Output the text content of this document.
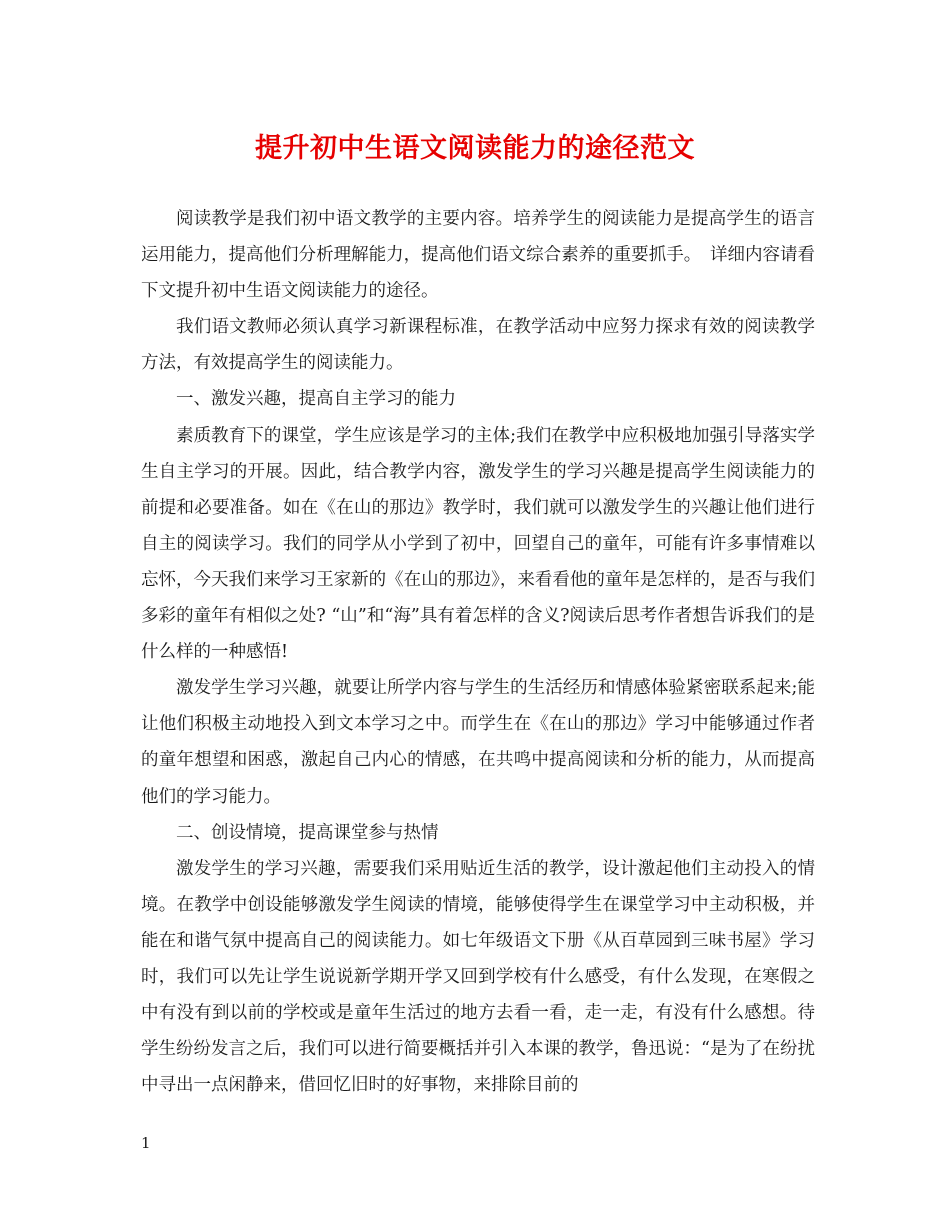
提升初中生语文阅读能力的途径范文

阅读教学是我们初中语文教学的主要内容。培养学生的阅读能力是提高学生的语言运用能力，提高他们分析理解能力，提高他们语文综合素养的重要抓手。　详细内容请看下文提升初中生语文阅读能力的途径。

我们语文教师必须认真学习新课程标准，在教学活动中应努力探求有效的阅读教学方法，有效提高学生的阅读能力。

一、激发兴趣，提高自主学习的能力

素质教育下的课堂，学生应该是学习的主体;我们在教学中应积极地加强引导落实学生自主学习的开展。因此，结合教学内容，激发学生的学习兴趣是提高学生阅读能力的前提和必要准备。如在《在山的那边》教学时，我们就可以激发学生的兴趣让他们进行自主的阅读学习。我们的同学从小学到了初中，回望自己的童年，可能有许多事情难以忘怀，今天我们来学习王家新的《在山的那边》，来看看他的童年是怎样的，是否与我们多彩的童年有相似之处? “山”和“海”具有着怎样的含义?阅读后思考作者想告诉我们的是什么样的一种感悟!

激发学生学习兴趣，就要让所学内容与学生的生活经历和情感体验紧密联系起来;能让他们积极主动地投入到文本学习之中。而学生在《在山的那边》学习中能够通过作者的童年想望和困惑，激起自己内心的情感，在共鸣中提高阅读和分析的能力，从而提高他们的学习能力。

二、创设情境，提高课堂参与热情

激发学生的学习兴趣，需要我们采用贴近生活的教学，设计激起他们主动投入的情境。在教学中创设能够激发学生阅读的情境，能够使得学生在课堂学习中主动积极，并能在和谐气氛中提高自己的阅读能力。如七年级语文下册《从百草园到三味书屋》学习时，我们可以先让学生说说新学期开学又回到学校有什么感受，有什么发现，在寒假之中有没有到以前的学校或是童年生活过的地方去看一看，走一走，有没有什么感想。待学生纷纷发言之后，我们可以进行简要概括并引入本课的教学，鲁迅说：“是为了在纷扰中寻出一点闲静来，借回忆旧时的好事物，来排除目前的

1
